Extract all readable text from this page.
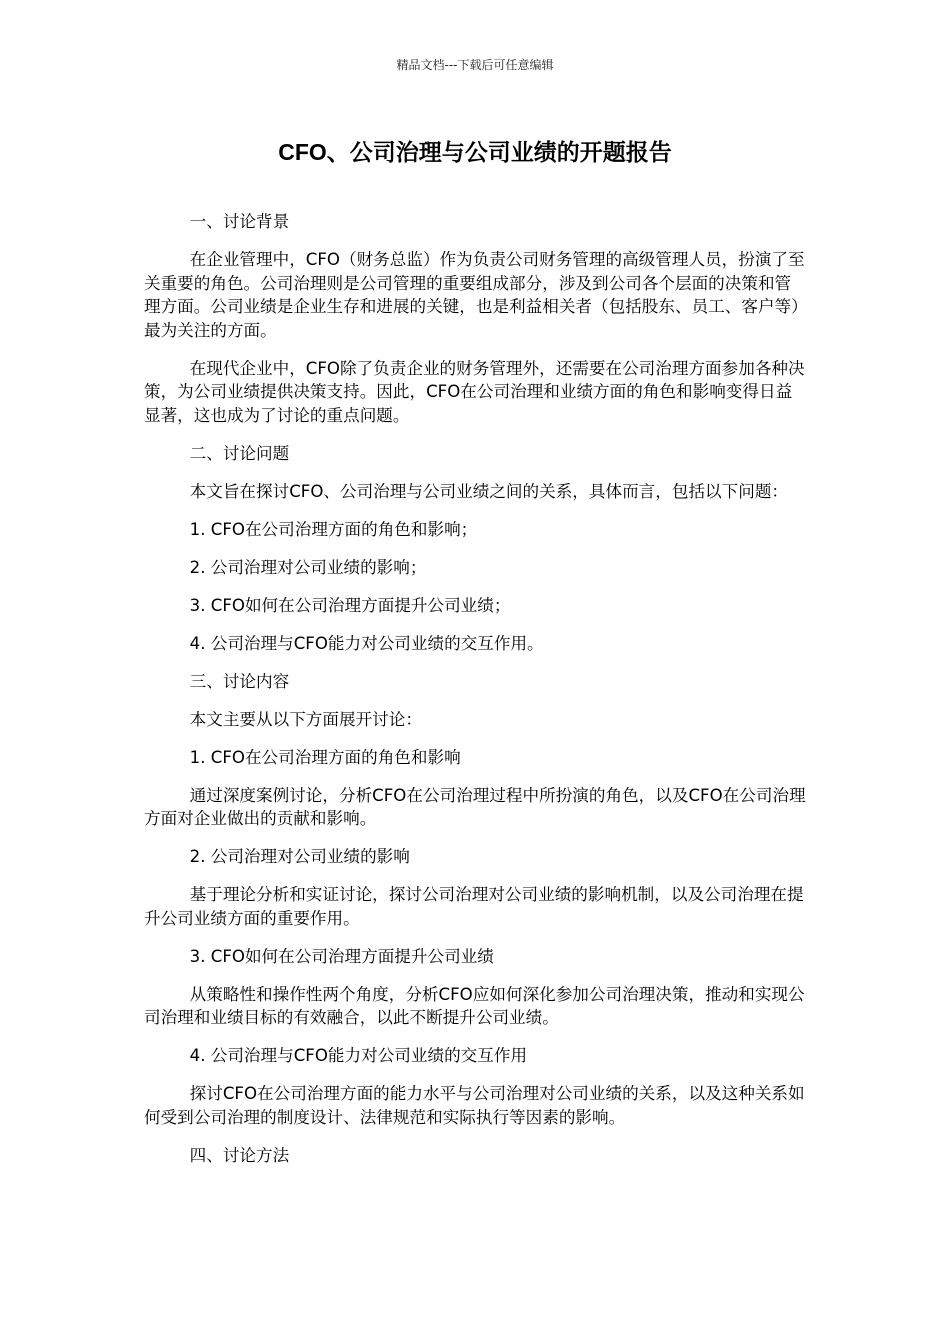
精品文档---下载后可任意编辑
CFO、公司治理与公司业绩的开题报告

一、讨论背景

在企业管理中，CFO（财务总监）作为负责公司财务管理的高级管理人员，扮演了至关重要的角色。公司治理则是公司管理的重要组成部分，涉及到公司各个层面的决策和管理方面。公司业绩是企业生存和进展的关键，也是利益相关者（包括股东、员工、客户等）最为关注的方面。

在现代企业中，CFO除了负责企业的财务管理外，还需要在公司治理方面参加各种决策，为公司业绩提供决策支持。因此，CFO在公司治理和业绩方面的角色和影响变得日益显著，这也成为了讨论的重点问题。

二、讨论问题

本文旨在探讨CFO、公司治理与公司业绩之间的关系，具体而言，包括以下问题：

1. CFO在公司治理方面的角色和影响；

2. 公司治理对公司业绩的影响；

3. CFO如何在公司治理方面提升公司业绩；

4. 公司治理与CFO能力对公司业绩的交互作用。

三、讨论内容

本文主要从以下方面展开讨论：

1. CFO在公司治理方面的角色和影响

通过深度案例讨论，分析CFO在公司治理过程中所扮演的角色，以及CFO在公司治理方面对企业做出的贡献和影响。

2. 公司治理对公司业绩的影响

基于理论分析和实证讨论，探讨公司治理对公司业绩的影响机制，以及公司治理在提升公司业绩方面的重要作用。

3. CFO如何在公司治理方面提升公司业绩

从策略性和操作性两个角度，分析CFO应如何深化参加公司治理决策，推动和实现公司治理和业绩目标的有效融合，以此不断提升公司业绩。

4. 公司治理与CFO能力对公司业绩的交互作用

探讨CFO在公司治理方面的能力水平与公司治理对公司业绩的关系，以及这种关系如何受到公司治理的制度设计、法律规范和实际执行等因素的影响。

四、讨论方法
